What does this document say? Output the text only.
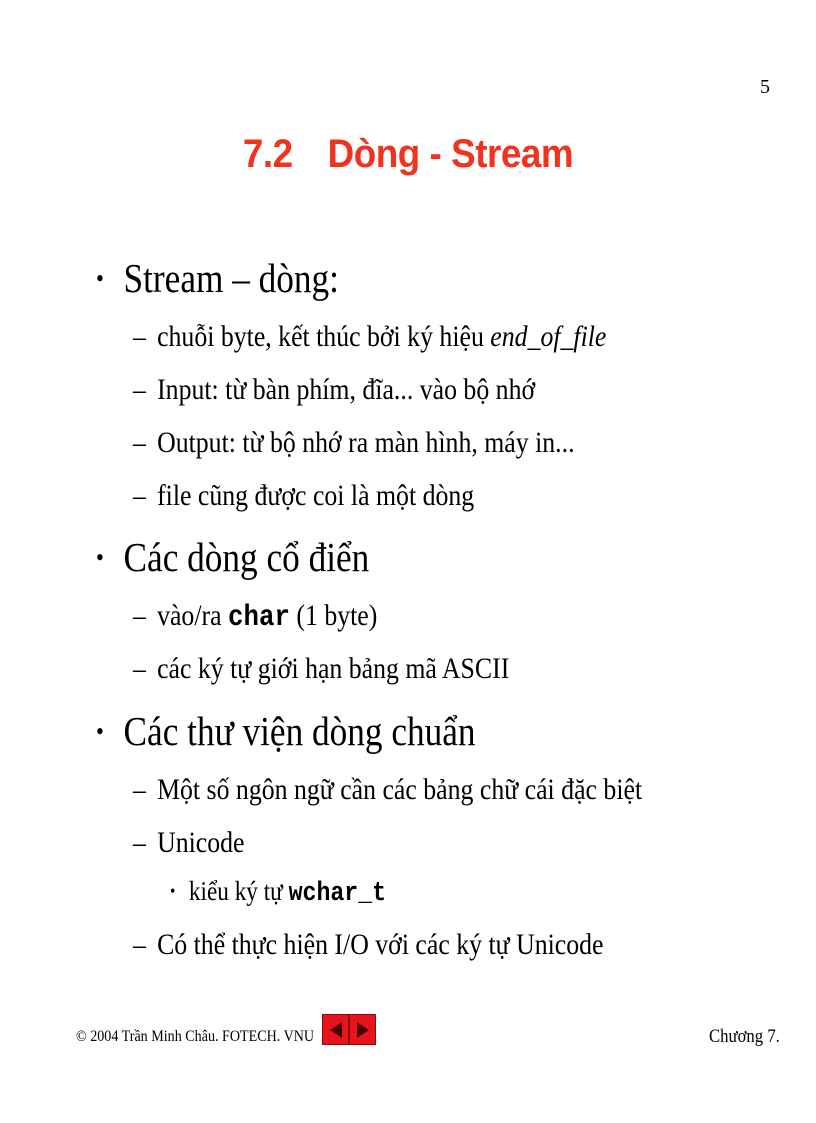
5
7.2 Dòng - Stream
• Stream – dòng:
– chuỗi byte, kết thúc bởi ký hiệu end_of_file
– Input: từ bàn phím, đĩa... vào bộ nhớ
– Output: từ bộ nhớ ra màn hình, máy in...
– file cũng được coi là một dòng
• Các dòng cổ điển
– vào/ra char (1 byte)
– các ký tự giới hạn bảng mã ASCII
• Các thư viện dòng chuẩn
– Một số ngôn ngữ cần các bảng chữ cái đặc biệt
– Unicode
• kiểu ký tự wchar_t
– Có thể thực hiện I/O với các ký tự Unicode
© 2004 Trần Minh Châu. FOTECH. VNU	Chương 7.
